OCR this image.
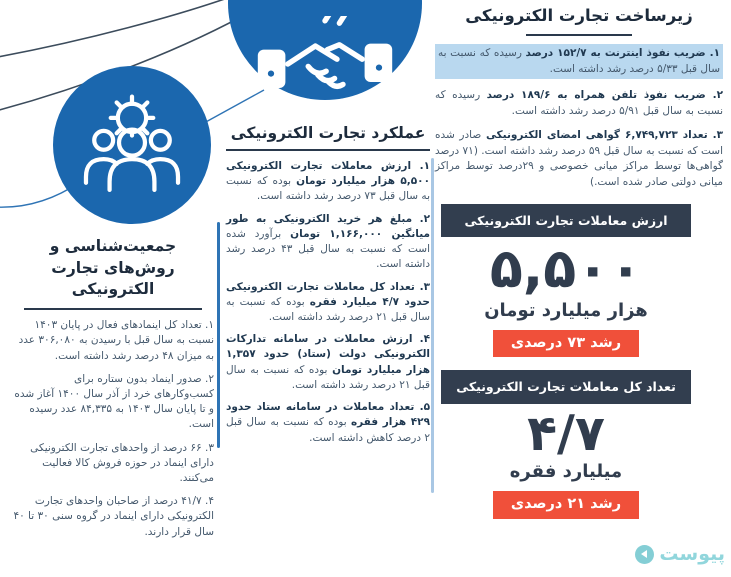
زیرساخت تجارت الکترونیکی

۱. ضریب نفوذ اینترنت به ۱۵۲/۷ درصد رسیده که نسبت به سال قبل ۵/۳۳ درصد رشد داشته است.

۲. ضریب نفوذ تلفن همراه به ۱۸۹/۶ درصد رسیده که نسبت به سال قبل ۵/۹۱ درصد رشد داشته است.

۳. تعداد ۶,۷۴۹,۷۲۳ گواهی امضای الکترونیکی صادر شده است که نسبت به سال قبل ۵۹ درصد رشد داشته است. (۷۱ درصد گواهی‌ها توسط مراکز میانی خصوصی و ۲۹درصد توسط مراکز میانی دولتی صادر شده است.)

ارزش معاملات تجارت الکترونیکی
۵,۵۰۰
هزار میلیارد تومان
رشد ۷۳ درصدی
تعداد کل معاملات تجارت الکترونیکی
۴/۷
میلیارد فقره
رشد ۲۱ درصدی
عملکرد تجارت الکترونیکی

۱. ارزش معاملات تجارت الکترونیکی ۵,۵۰۰ هزار میلیارد تومان بوده که نسبت به سال قبل ۷۳ درصد رشد داشته است.

۲. مبلغ هر خرید الکترونیکی به طور میانگین ۱,۱۶۶,۰۰۰ تومان برآورد شده است که نسبت به سال قبل ۴۳ درصد رشد داشته است.

۳. تعداد کل معاملات تجارت الکترونیکی حدود ۴/۷ میلیارد فقره بوده که نسبت به سال قبل ۲۱ درصد رشد داشته است.

۴. ارزش معاملات در سامانه تدارکات الکترونیکی دولت (ستاد) حدود ۱,۳۵۷ هزار میلیارد تومان بوده که نسبت به سال قبل ۲۱ درصد رشد داشته است.

۵. تعداد معاملات در سامانه ستاد حدود ۴۲۹ هزار فقره بوده که نسبت به سال قبل ۲ درصد کاهش داشته است.

جمعیت‌شناسی و روش‌های تجارت الکترونیکی

۱. تعداد کل اینمادهای فعال در پایان ۱۴۰۳ نسبت به سال قبل با رسیدن به ۳۰۶,۰۸۰ عدد به میزان ۴۸ درصد رشد داشته است.

۲. صدور اینماد بدون ستاره برای کسب‌وکارهای خرد از آذر سال ۱۴۰۰ آغاز شده و تا پایان سال ۱۴۰۳ به ۸۴,۳۳۵ عدد رسیده است.

۳. ۶۶ درصد از واحدهای تجارت الکترونیکی دارای اینماد در حوزه فروش کالا فعالیت می‌کنند.

۴. ۴۱/۷ درصد از صاحبان واحدهای تجارت الکترونیکی دارای اینماد در گروه سنی ۳۰ تا ۴۰ سال قرار دارند.

پیوست
